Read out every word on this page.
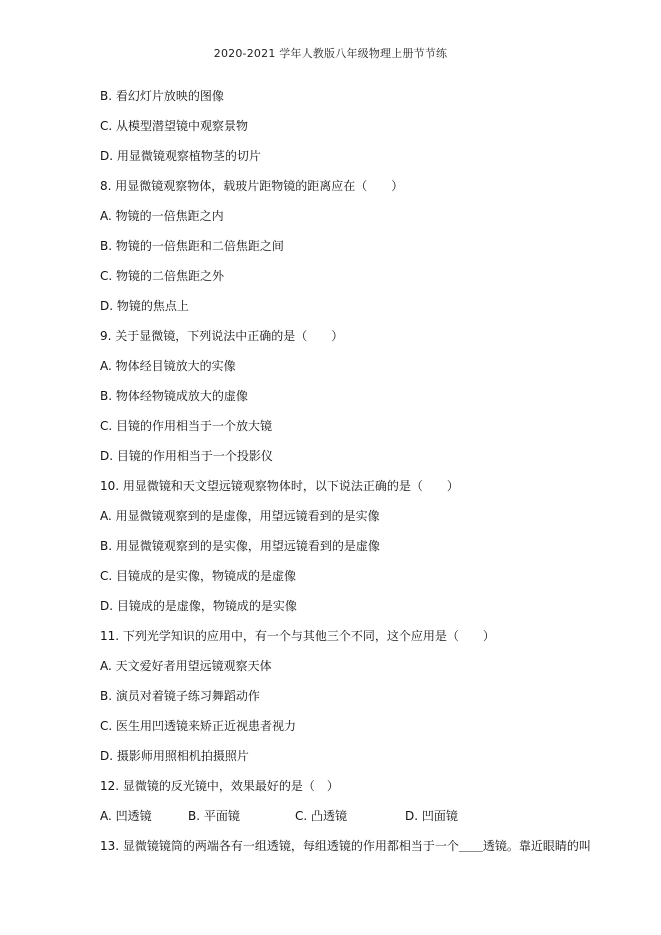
2020-2021 学年人教版八年级物理上册节节练
B. 看幻灯片放映的图像
C. 从模型潜望镜中观察景物
D. 用显微镜观察植物茎的切片
8. 用显微镜观察物体，载玻片距物镜的距离应在（　　）
A. 物镜的一倍焦距之内
B. 物镜的一倍焦距和二倍焦距之间
C. 物镜的二倍焦距之外
D. 物镜的焦点上
9. 关于显微镜，下列说法中正确的是（　　）
A. 物体经目镜放大的实像
B. 物体经物镜成放大的虚像
C. 目镜的作用相当于一个放大镜
D. 目镜的作用相当于一个投影仪
10. 用显微镜和天文望远镜观察物体时，以下说法正确的是（　　）
A. 用显微镜观察到的是虚像，用望远镜看到的是实像
B. 用显微镜观察到的是实像，用望远镜看到的是虚像
C. 目镜成的是实像，物镜成的是虚像
D. 目镜成的是虚像，物镜成的是实像
11. 下列光学知识的应用中，有一个与其他三个不同，这个应用是（　　）
A. 天文爱好者用望远镜观察天体
B. 演员对着镜子练习舞蹈动作
C. 医生用凹透镜来矫正近视患者视力
D. 摄影师用照相机拍摄照片
12. 显微镜的反光镜中，效果最好的是（　）
A. 凹透镜	B. 平面镜	C. 凸透镜	D. 凹面镜
13. 显微镜镜筒的两端各有一组透镜，每组透镜的作用都相当于一个＿＿透镜。靠近眼睛的叫
